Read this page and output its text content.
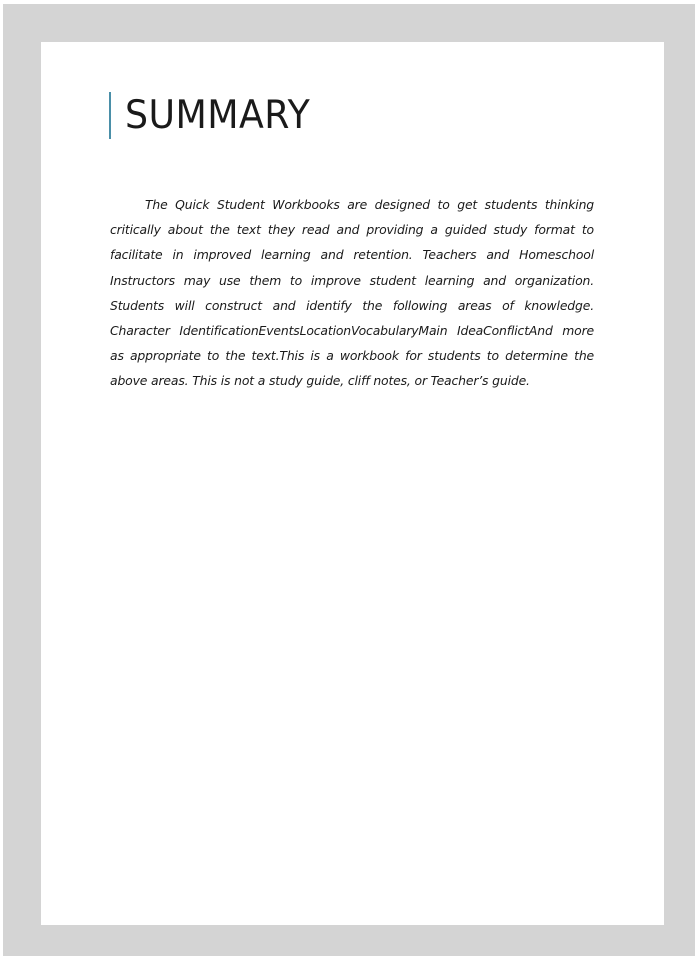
SUMMARY

The Quick Student Workbooks are designed to get students thinking critically about the text they read and providing a guided study format to facilitate in improved learning and retention. Teachers and Homeschool Instructors may use them to improve student learning and organization. Students will construct and identify the following areas of knowledge. Character IdentificationEventsLocationVocabularyMain IdeaConflictAnd more as appropriate to the text.This is a workbook for students to determine the above areas. This is not a study guide, cliff notes, or Teacher’s guide.
